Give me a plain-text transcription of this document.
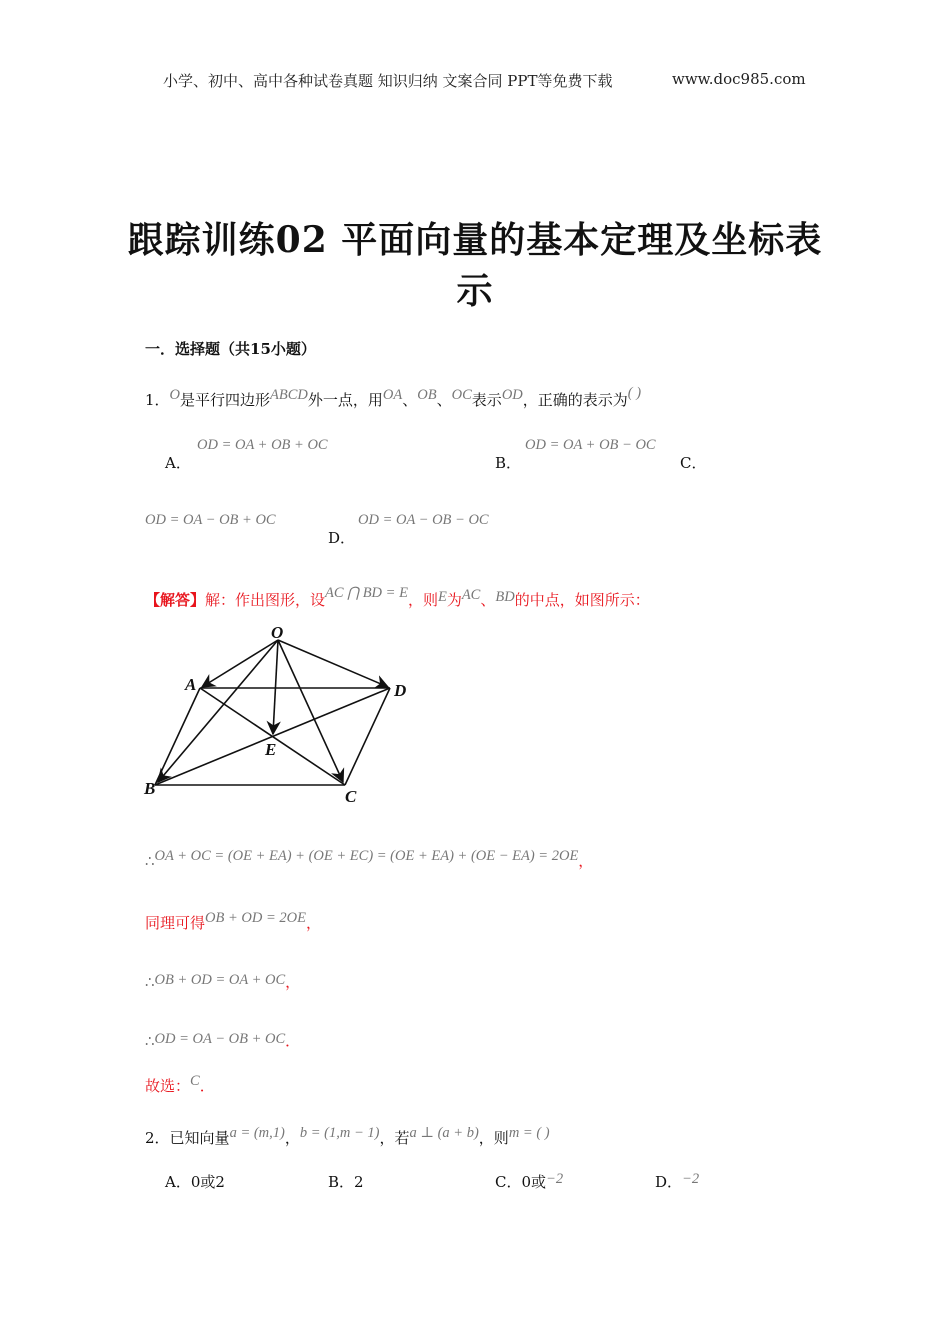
小学、初中、高中各种试卷真题 知识归纳 文案合同 PPT等免费下载	www.doc985.com
跟踪训练02 平面向量的基本定理及坐标表
示
一．选择题（共15小题）
1．O是平行四边形ABCD外一点，用OA、OB、OC表示OD，正确的表示为( )
A．
OD = OA + OB + OC
B．
OD = OA + OB − OC
C．
OD = OA − OB + OC
D．
OD = OA − OB − OC
【解答】解：作出图形，设AC ⋂ BD = E，则E为AC、BD的中点，如图所示：
O
A	D
E
B	C
∴OA + OC = (OE + EA) + (OE + EC) = (OE + EA) + (OE − EA) = 2OE，
同理可得OB + OD = 2OE，
∴OB + OD = OA + OC，
∴OD = OA − OB + OC．
故选：C．
2．已知向量a = (m,1)，b = (1,m − 1)，若a ⊥ (a + b)，则m = ( )
A．0或2	B．2	C．0或−2	D．−2
